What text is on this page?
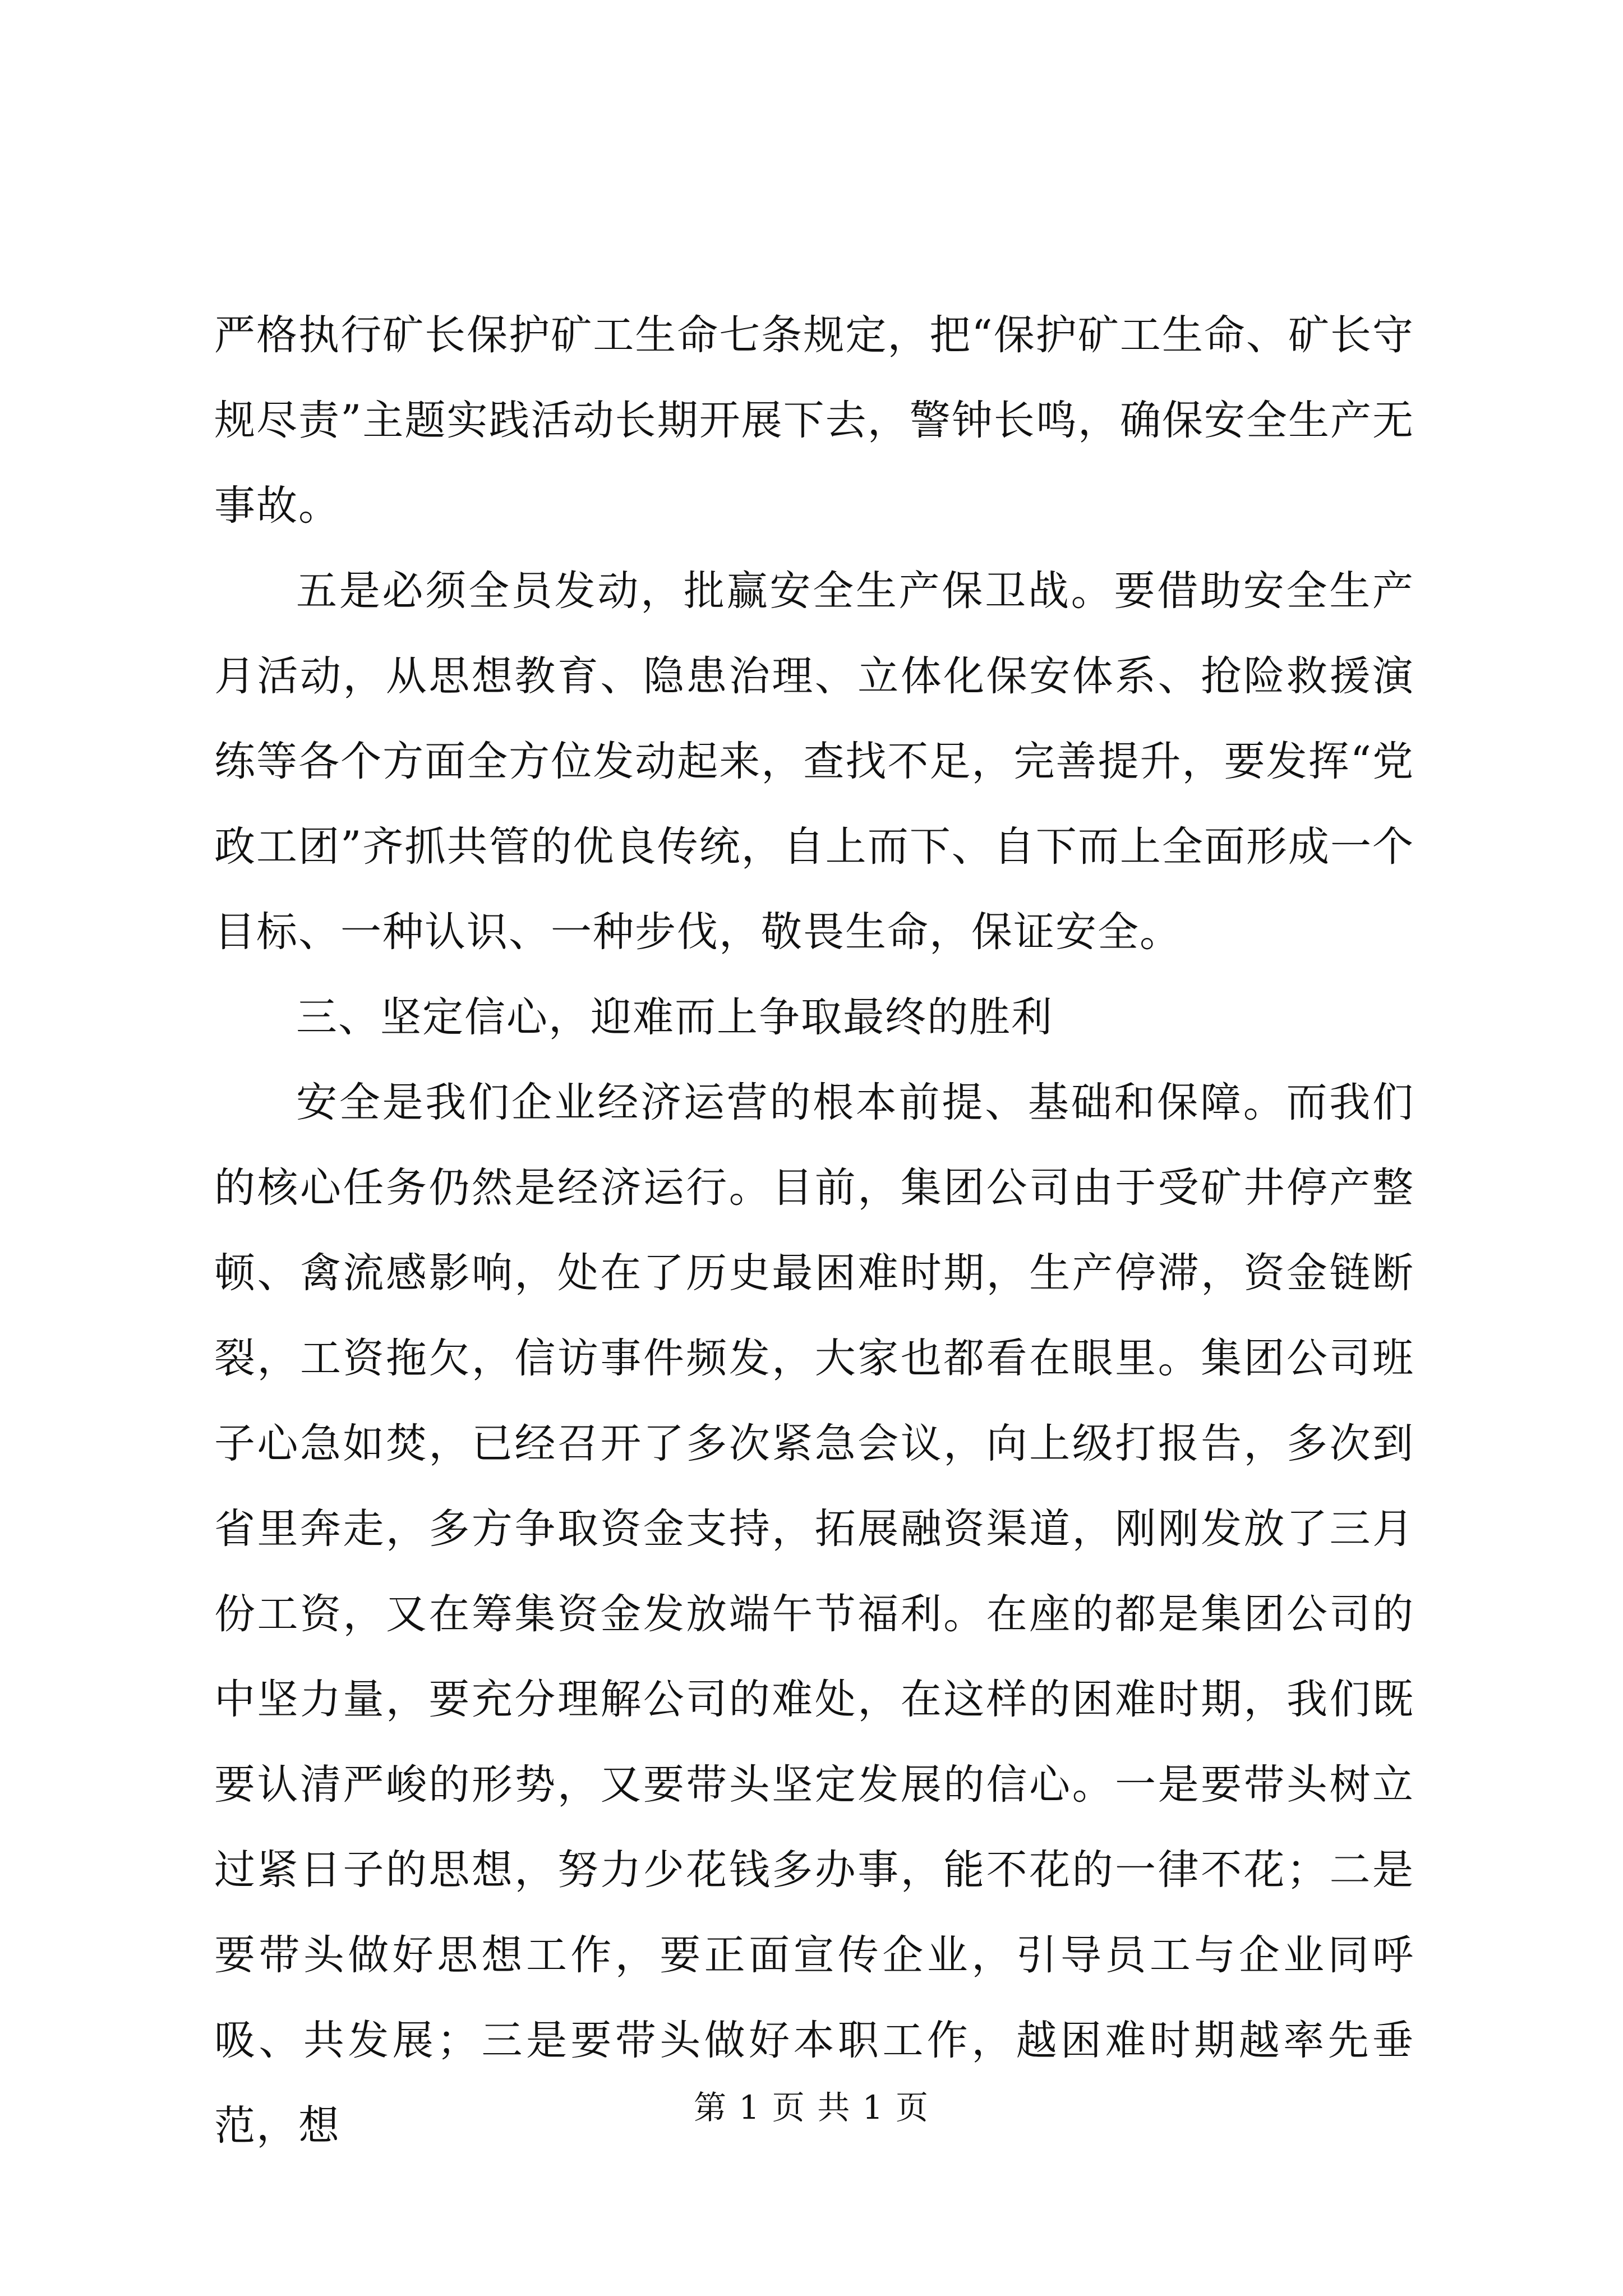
严格执行矿长保护矿工生命七条规定，把“保护矿工生命、矿长守规尽责”主题实践活动长期开展下去，警钟长鸣，确保安全生产无事故。

五是必须全员发动，批赢安全生产保卫战。要借助安全生产月活动，从思想教育、隐患治理、立体化保安体系、抢险救援演练等各个方面全方位发动起来，查找不足，完善提升，要发挥“党政工团”齐抓共管的优良传统，自上而下、自下而上全面形成一个目标、一种认识、一种步伐，敬畏生命，保证安全。

三、坚定信心，迎难而上争取最终的胜利

安全是我们企业经济运营的根本前提、基础和保障。而我们的核心任务仍然是经济运行。目前，集团公司由于受矿井停产整顿、禽流感影响，处在了历史最困难时期，生产停滞，资金链断裂，工资拖欠，信访事件频发，大家也都看在眼里。集团公司班子心急如焚，已经召开了多次紧急会议，向上级打报告，多次到省里奔走，多方争取资金支持，拓展融资渠道，刚刚发放了三月份工资，又在筹集资金发放端午节福利。在座的都是集团公司的中坚力量，要充分理解公司的难处，在这样的困难时期，我们既要认清严峻的形势，又要带头坚定发展的信心。一是要带头树立过紧日子的思想，努力少花钱多办事，能不花的一律不花；二是要带头做好思想工作，要正面宣传企业，引导员工与企业同呼吸、共发展；三是要带头做好本职工作，越困难时期越率先垂范，想	第 1 页 共 1 页
